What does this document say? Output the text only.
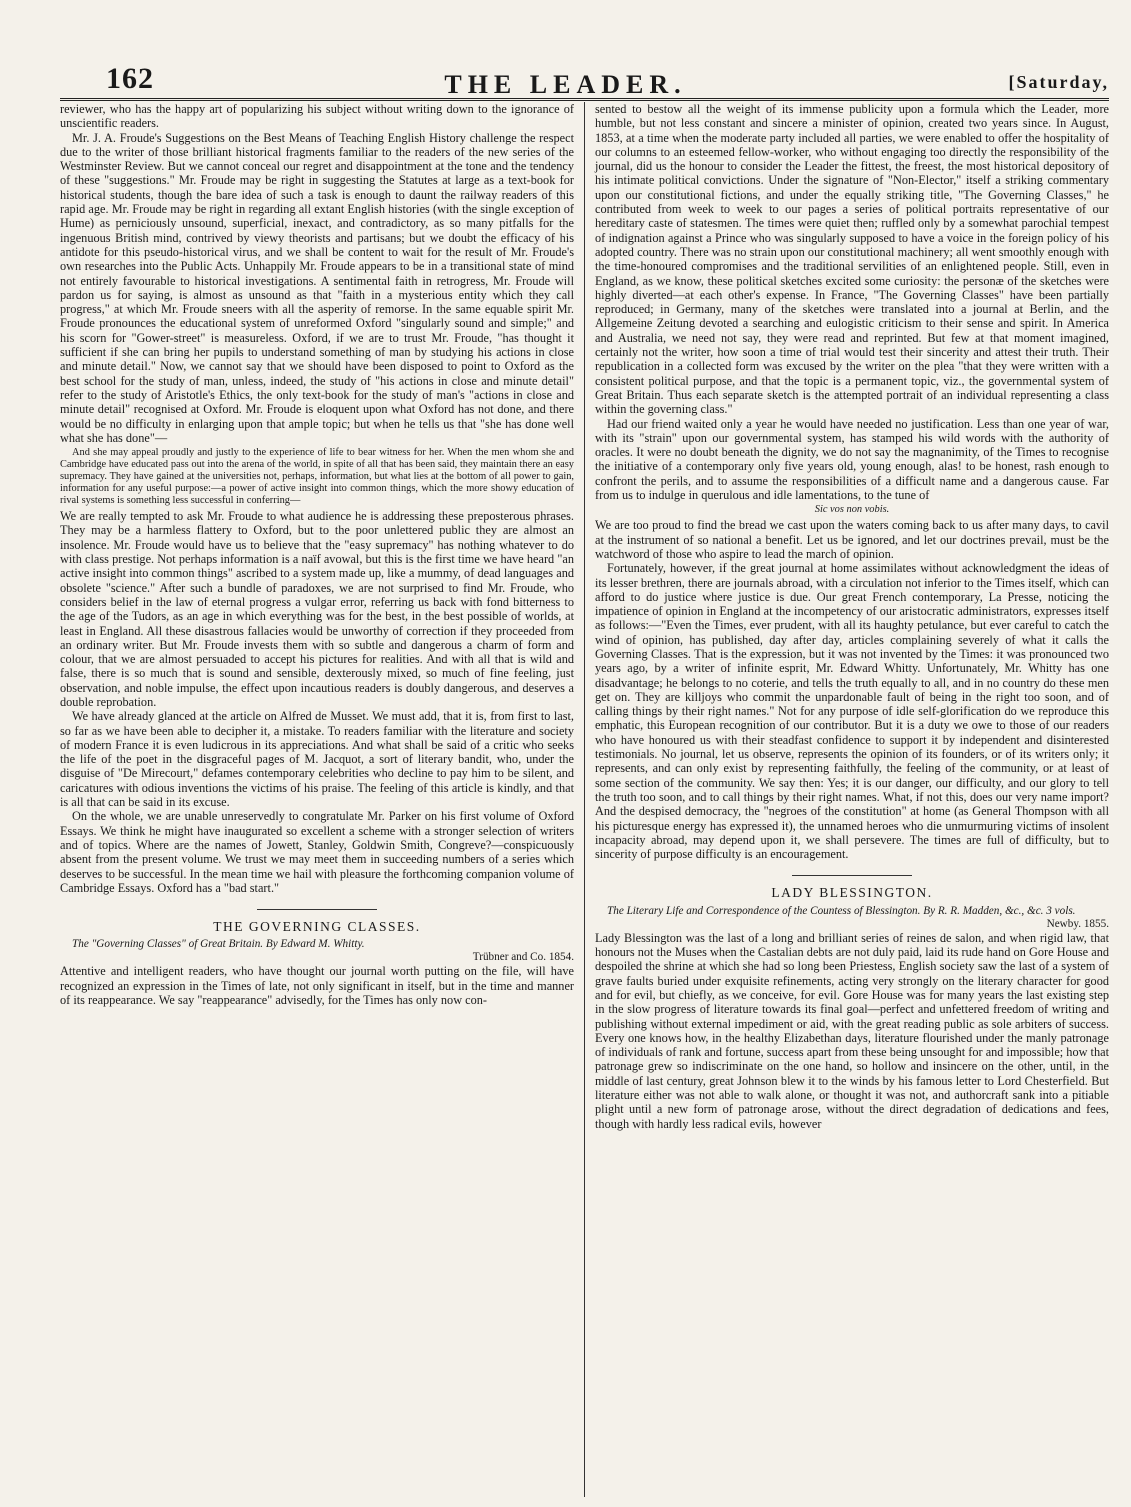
162	THE LEADER.	[Saturday,

reviewer, who has the happy art of popularizing his subject without writing down to the ignorance of unscientific readers.

Mr. J. A. Froude's Suggestions on the Best Means of Teaching English History challenge the respect due to the writer of those brilliant historical fragments familiar to the readers of the new series of the Westminster Review. But we cannot conceal our regret and disappointment at the tone and the tendency of these "suggestions." Mr. Froude may be right in suggesting the Statutes at large as a text-book for historical students, though the bare idea of such a task is enough to daunt the railway readers of this rapid age. Mr. Froude may be right in regarding all extant English histories (with the single exception of Hume) as perniciously unsound, superficial, inexact, and contradictory, as so many pitfalls for the ingenuous British mind, contrived by viewy theorists and partisans; but we doubt the efficacy of his antidote for this pseudo-historical virus, and we shall be content to wait for the result of Mr. Froude's own researches into the Public Acts. Unhappily Mr. Froude appears to be in a transitional state of mind not entirely favourable to historical investigations. A sentimental faith in retrogress, Mr. Froude will pardon us for saying, is almost as unsound as that "faith in a mysterious entity which they call progress," at which Mr. Froude sneers with all the asperity of remorse. In the same equable spirit Mr. Froude pronounces the educational system of unreformed Oxford "singularly sound and simple;" and his scorn for "Gower-street" is measureless. Oxford, if we are to trust Mr. Froude, "has thought it sufficient if she can bring her pupils to understand something of man by studying his actions in close and minute detail." Now, we cannot say that we should have been disposed to point to Oxford as the best school for the study of man, unless, indeed, the study of "his actions in close and minute detail" refer to the study of Aristotle's Ethics, the only text-book for the study of man's "actions in close and minute detail" recognised at Oxford. Mr. Froude is eloquent upon what Oxford has not done, and there would be no difficulty in enlarging upon that ample topic; but when he tells us that "she has done well what she has done"—

And she may appeal proudly and justly to the experience of life to bear witness for her. When the men whom she and Cambridge have educated pass out into the arena of the world, in spite of all that has been said, they maintain there an easy supremacy. They have gained at the universities not, perhaps, information, but what lies at the bottom of all power to gain, information for any useful purpose:—a power of active insight into common things, which the more showy education of rival systems is something less successful in conferring—

We are really tempted to ask Mr. Froude to what audience he is addressing these preposterous phrases. They may be a harmless flattery to Oxford, but to the poor unlettered public they are almost an insolence. Mr. Froude would have us to believe that the "easy supremacy" has nothing whatever to do with class prestige. Not perhaps information is a naïf avowal, but this is the first time we have heard "an active insight into common things" ascribed to a system made up, like a mummy, of dead languages and obsolete "science." After such a bundle of paradoxes, we are not surprised to find Mr. Froude, who considers belief in the law of eternal progress a vulgar error, referring us back with fond bitterness to the age of the Tudors, as an age in which everything was for the best, in the best possible of worlds, at least in England. All these disastrous fallacies would be unworthy of correction if they proceeded from an ordinary writer. But Mr. Froude invests them with so subtle and dangerous a charm of form and colour, that we are almost persuaded to accept his pictures for realities. And with all that is wild and false, there is so much that is sound and sensible, dexterously mixed, so much of fine feeling, just observation, and noble impulse, the effect upon incautious readers is doubly dangerous, and deserves a double reprobation.

We have already glanced at the article on Alfred de Musset. We must add, that it is, from first to last, so far as we have been able to decipher it, a mistake. To readers familiar with the literature and society of modern France it is even ludicrous in its appreciations. And what shall be said of a critic who seeks the life of the poet in the disgraceful pages of M. Jacquot, a sort of literary bandit, who, under the disguise of "De Mirecourt," defames contemporary celebrities who decline to pay him to be silent, and caricatures with odious inventions the victims of his praise. The feeling of this article is kindly, and that is all that can be said in its excuse.

On the whole, we are unable unreservedly to congratulate Mr. Parker on his first volume of Oxford Essays. We think he might have inaugurated so excellent a scheme with a stronger selection of writers and of topics. Where are the names of Jowett, Stanley, Goldwin Smith, Congreve?—conspicuously absent from the present volume. We trust we may meet them in succeeding numbers of a series which deserves to be successful. In the mean time we hail with pleasure the forthcoming companion volume of Cambridge Essays. Oxford has a "bad start."

THE GOVERNING CLASSES.

The "Governing Classes" of Great Britain. By Edward M. Whitty.

Trübner and Co. 1854.

Attentive and intelligent readers, who have thought our journal worth putting on the file, will have recognized an expression in the Times of late, not only significant in itself, but in the time and manner of its reappearance. We say "reappearance" advisedly, for the Times has only now con-

sented to bestow all the weight of its immense publicity upon a formula which the Leader, more humble, but not less constant and sincere a minister of opinion, created two years since. In August, 1853, at a time when the moderate party included all parties, we were enabled to offer the hospitality of our columns to an esteemed fellow-worker, who without engaging too directly the responsibility of the journal, did us the honour to consider the Leader the fittest, the freest, the most historical depository of his intimate political convictions. Under the signature of "Non-Elector," itself a striking commentary upon our constitutional fictions, and under the equally striking title, "The Governing Classes," he contributed from week to week to our pages a series of political portraits representative of our hereditary caste of statesmen. The times were quiet then; ruffled only by a somewhat parochial tempest of indignation against a Prince who was singularly supposed to have a voice in the foreign policy of his adopted country. There was no strain upon our constitutional machinery; all went smoothly enough with the time-honoured compromises and the traditional servilities of an enlightened people. Still, even in England, as we know, these political sketches excited some curiosity: the personæ of the sketches were highly diverted—at each other's expense. In France, "The Governing Classes" have been partially reproduced; in Germany, many of the sketches were translated into a journal at Berlin, and the Allgemeine Zeitung devoted a searching and eulogistic criticism to their sense and spirit. In America and Australia, we need not say, they were read and reprinted. But few at that moment imagined, certainly not the writer, how soon a time of trial would test their sincerity and attest their truth. Their republication in a collected form was excused by the writer on the plea "that they were written with a consistent political purpose, and that the topic is a permanent topic, viz., the governmental system of Great Britain. Thus each separate sketch is the attempted portrait of an individual representing a class within the governing class."

Had our friend waited only a year he would have needed no justification. Less than one year of war, with its "strain" upon our governmental system, has stamped his wild words with the authority of oracles. It were no doubt beneath the dignity, we do not say the magnanimity, of the Times to recognise the initiative of a contemporary only five years old, young enough, alas! to be honest, rash enough to confront the perils, and to assume the responsibilities of a difficult name and a dangerous cause. Far from us to indulge in querulous and idle lamentations, to the tune of

Sic vos non vobis.

We are too proud to find the bread we cast upon the waters coming back to us after many days, to cavil at the instrument of so national a benefit. Let us be ignored, and let our doctrines prevail, must be the watchword of those who aspire to lead the march of opinion.

Fortunately, however, if the great journal at home assimilates without acknowledgment the ideas of its lesser brethren, there are journals abroad, with a circulation not inferior to the Times itself, which can afford to do justice where justice is due. Our great French contemporary, La Presse, noticing the impatience of opinion in England at the incompetency of our aristocratic administrators, expresses itself as follows:—"Even the Times, ever prudent, with all its haughty petulance, but ever careful to catch the wind of opinion, has published, day after day, articles complaining severely of what it calls the Governing Classes. That is the expression, but it was not invented by the Times: it was pronounced two years ago, by a writer of infinite esprit, Mr. Edward Whitty. Unfortunately, Mr. Whitty has one disadvantage; he belongs to no coterie, and tells the truth equally to all, and in no country do these men get on. They are killjoys who commit the unpardonable fault of being in the right too soon, and of calling things by their right names." Not for any purpose of idle self-glorification do we reproduce this emphatic, this European recognition of our contributor. But it is a duty we owe to those of our readers who have honoured us with their steadfast confidence to support it by independent and disinterested testimonials. No journal, let us observe, represents the opinion of its founders, or of its writers only; it represents, and can only exist by representing faithfully, the feeling of the community, or at least of some section of the community. We say then: Yes; it is our danger, our difficulty, and our glory to tell the truth too soon, and to call things by their right names. What, if not this, does our very name import? And the despised democracy, the "negroes of the constitution" at home (as General Thompson with all his picturesque energy has expressed it), the unnamed heroes who die unmurmuring victims of insolent incapacity abroad, may depend upon it, we shall persevere. The times are full of difficulty, but to sincerity of purpose difficulty is an encouragement.

LADY BLESSINGTON.

The Literary Life and Correspondence of the Countess of Blessington. By R. R. Madden, &c., &c. 3 vols.
Newby. 1855.

Lady Blessington was the last of a long and brilliant series of reines de salon, and when rigid law, that honours not the Muses when the Castalian debts are not duly paid, laid its rude hand on Gore House and despoiled the shrine at which she had so long been Priestess, English society saw the last of a system of grave faults buried under exquisite refinements, acting very strongly on the literary character for good and for evil, but chiefly, as we conceive, for evil. Gore House was for many years the last existing step in the slow progress of literature towards its final goal—perfect and unfettered freedom of writing and publishing without external impediment or aid, with the great reading public as sole arbiters of success. Every one knows how, in the healthy Elizabethan days, literature flourished under the manly patronage of individuals of rank and fortune, success apart from these being unsought for and impossible; how that patronage grew so indiscriminate on the one hand, so hollow and insincere on the other, until, in the middle of last century, great Johnson blew it to the winds by his famous letter to Lord Chesterfield. But literature either was not able to walk alone, or thought it was not, and authorcraft sank into a pitiable plight until a new form of patronage arose, without the direct degradation of dedications and fees, though with hardly less radical evils, however
